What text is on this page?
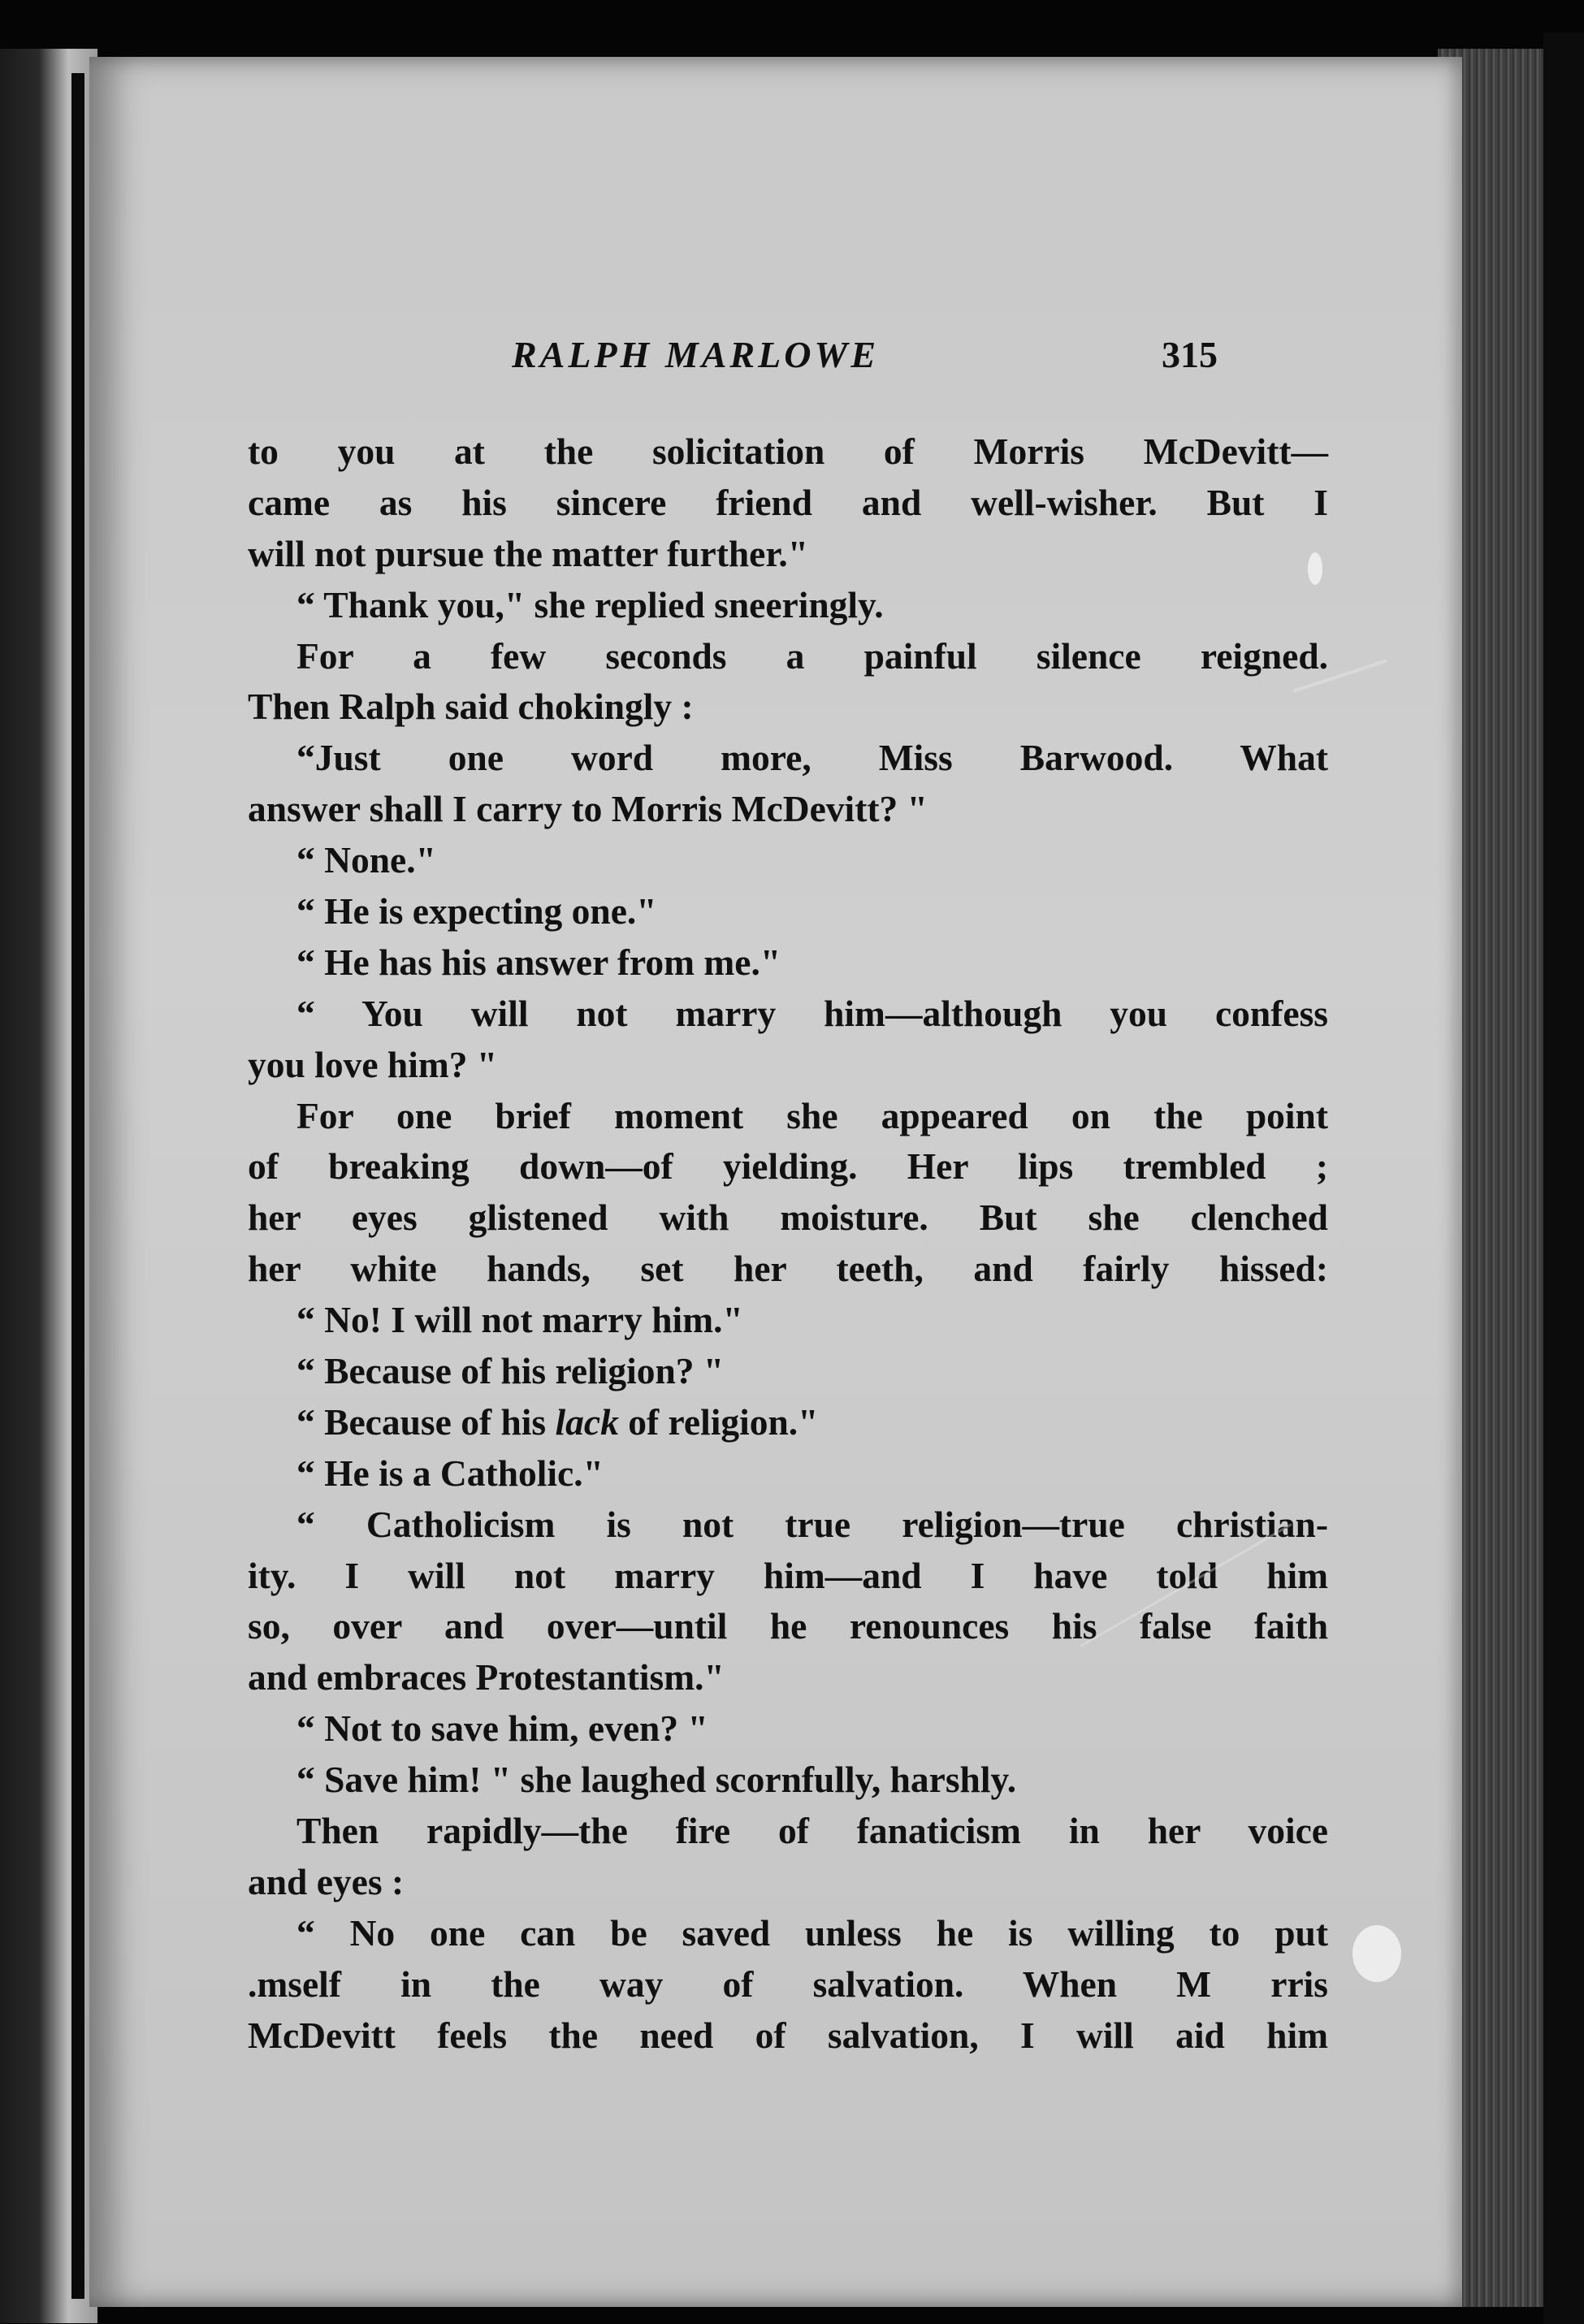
RALPH MARLOWE	315
to you at the solicitation of Morris McDevitt—
came as his sincere friend and well-wisher. But I
will not pursue the matter further."
“ Thank you," she replied sneeringly.
For a few seconds a painful silence reigned.
Then Ralph said chokingly :
“Just one word more, Miss Barwood. What
answer shall I carry to Morris McDevitt? "
“ None."
“ He is expecting one."
“ He has his answer from me."
“ You will not marry him—although you confess
you love him? "
For one brief moment she appeared on the point
of breaking down—of yielding. Her lips trembled ;
her eyes glistened with moisture. But she clenched
her white hands, set her teeth, and fairly hissed:
“ No! I will not marry him."
“ Because of his religion? "
“ Because of his lack of religion."
“ He is a Catholic."
“ Catholicism is not true religion—true christian-
ity. I will not marry him—and I have told him
so, over and over—until he renounces his false faith
and embraces Protestantism."
“ Not to save him, even? "
“ Save him! " she laughed scornfully, harshly.
Then rapidly—the fire of fanaticism in her voice
and eyes :
“ No one can be saved unless he is willing to put
.mself in the way of salvation. When M rris
McDevitt feels the need of salvation, I will aid him
